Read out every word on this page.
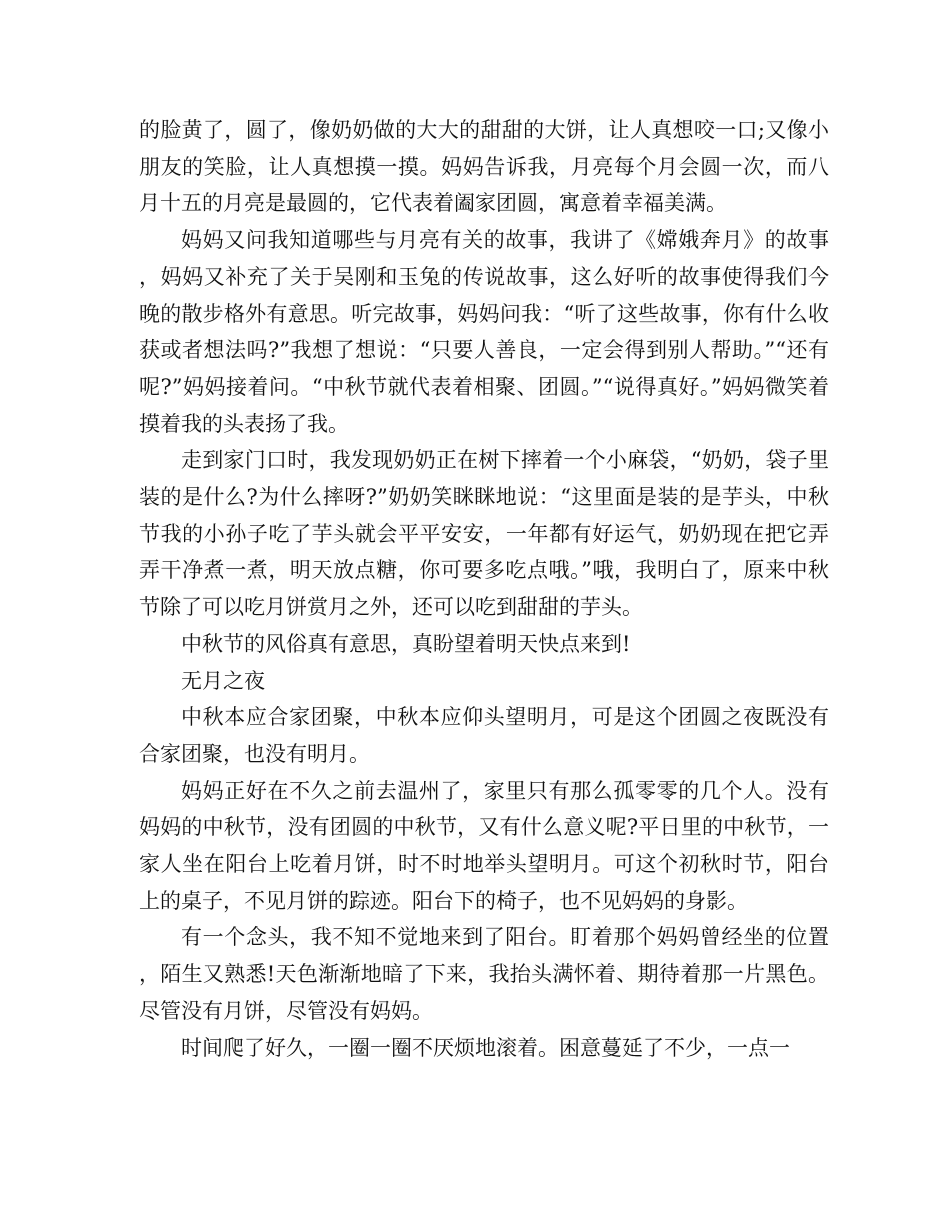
的脸黄了，圆了，像奶奶做的大大的甜甜的大饼，让人真想咬一口;又像小朋友的笑脸，让人真想摸一摸。妈妈告诉我，月亮每个月会圆一次，而八月十五的月亮是最圆的，它代表着阖家团圆，寓意着幸福美满。

妈妈又问我知道哪些与月亮有关的故事，我讲了《嫦娥奔月》的故事，妈妈又补充了关于吴刚和玉兔的传说故事，这么好听的故事使得我们今晚的散步格外有意思。听完故事，妈妈问我：“听了这些故事，你有什么收获或者想法吗?”我想了想说：“只要人善良，一定会得到别人帮助。”“还有呢?”妈妈接着问。“中秋节就代表着相聚、团圆。”“说得真好。”妈妈微笑着摸着我的头表扬了我。

走到家门口时，我发现奶奶正在树下摔着一个小麻袋，“奶奶，袋子里装的是什么?为什么摔呀?”奶奶笑眯眯地说：“这里面是装的是芋头，中秋节我的小孙子吃了芋头就会平平安安，一年都有好运气，奶奶现在把它弄弄干净煮一煮，明天放点糖，你可要多吃点哦。”哦，我明白了，原来中秋节除了可以吃月饼赏月之外，还可以吃到甜甜的芋头。

中秋节的风俗真有意思，真盼望着明天快点来到!

无月之夜

中秋本应合家团聚，中秋本应仰头望明月，可是这个团圆之夜既没有合家团聚，也没有明月。

妈妈正好在不久之前去温州了，家里只有那么孤零零的几个人。没有妈妈的中秋节，没有团圆的中秋节，又有什么意义呢?平日里的中秋节，一家人坐在阳台上吃着月饼，时不时地举头望明月。可这个初秋时节，阳台上的桌子，不见月饼的踪迹。阳台下的椅子，也不见妈妈的身影。

有一个念头，我不知不觉地来到了阳台。盯着那个妈妈曾经坐的位置，陌生又熟悉!天色渐渐地暗了下来，我抬头满怀着、期待着那一片黑色。尽管没有月饼，尽管没有妈妈。

时间爬了好久，一圈一圈不厌烦地滚着。困意蔓延了不少，一点一
